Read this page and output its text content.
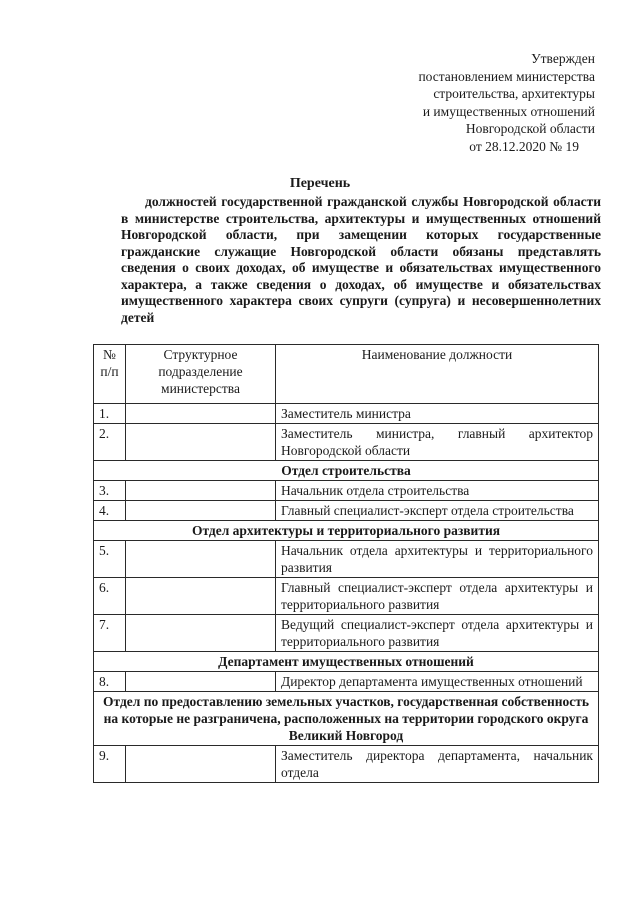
Утвержден
постановлением министерства
строительства, архитектуры
и имущественных отношений
Новгородской области
от 28.12.2020 № 19
Перечень
должностей государственной гражданской службы Новгородской области в министерстве строительства, архитектуры и имущественных отношений Новгородской области, при замещении которых государственные гражданские служащие Новгородской области обязаны представлять сведения о своих доходах, об имуществе и обязательствах имущественного характера, а также сведения о доходах, об имуществе и обязательствах имущественного характера своих супруги (супруга) и несовершеннолетних детей
№ п/п	Структурное подразделение министерства	Наименование должности
1.		Заместитель министра
2.		Заместитель министра, главный архитектор Новгородской области
Отдел строительства		
3.		Начальник отдела строительства
4.		Главный специалист-эксперт отдела строительства
Отдел архитектуры и территориального развития		
5.		Начальник отдела архитектуры и территориального развития
6.		Главный специалист-эксперт отдела архитектуры и территориального развития
7.		Ведущий специалист-эксперт отдела архитектуры и территориального развития
Департамент имущественных отношений		
8.		Директор департамента имущественных отношений
Отдел по предоставлению земельных участков, государственная собственность на которые не разграничена, расположенных на территории городского округа Великий Новгород		
9.		Заместитель директора департамента, начальник отдела
